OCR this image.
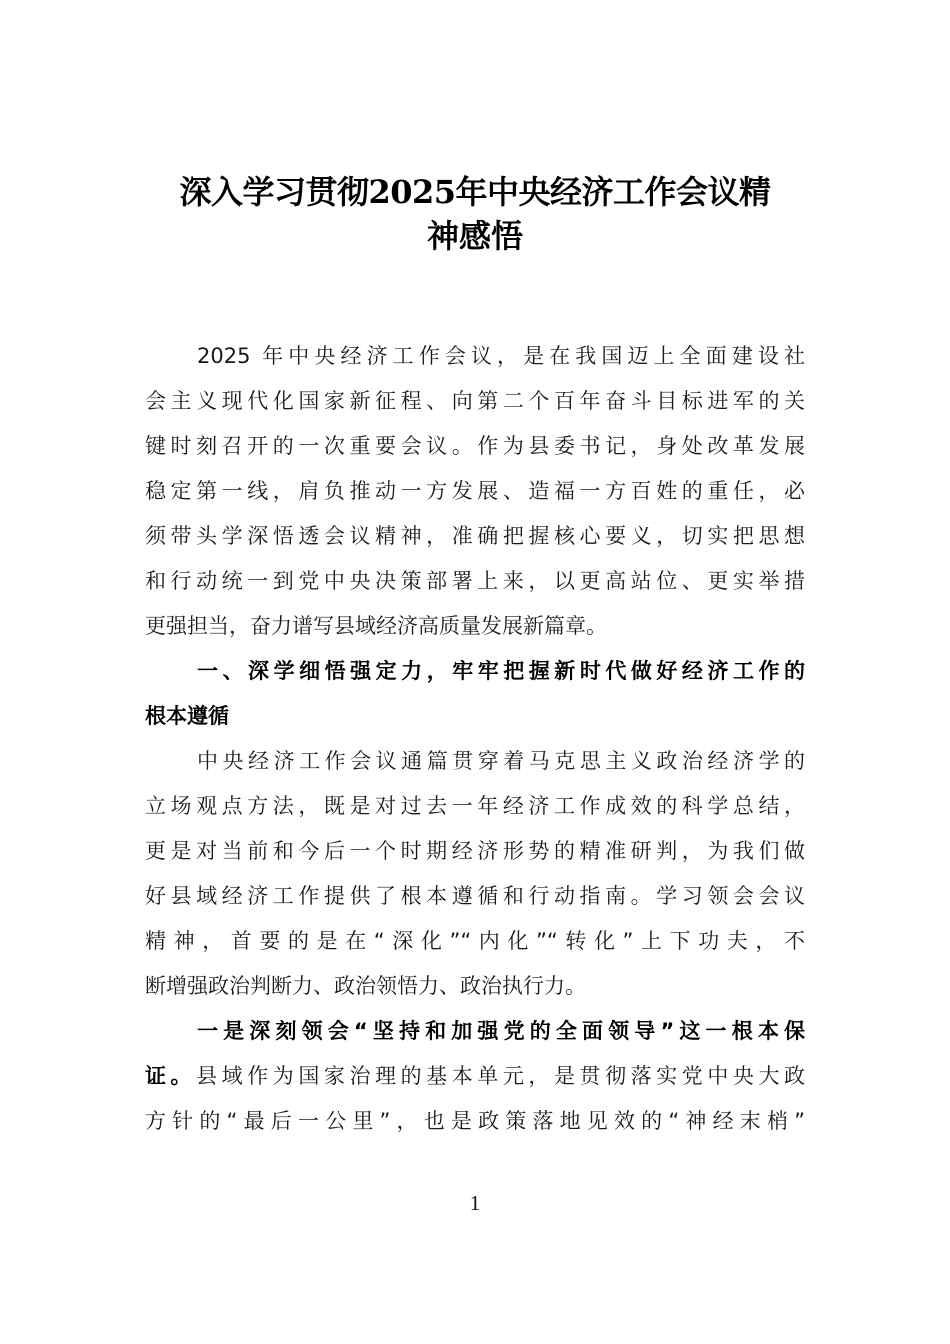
深入学习贯彻2025年中央经济工作会议精
神感悟
2025 年中央经济工作会议，是在我国迈上全面建设社
会主义现代化国家新征程、向第二个百年奋斗目标进军的关
键时刻召开的一次重要会议。作为县委书记，身处改革发展
稳定第一线，肩负推动一方发展、造福一方百姓的重任，必
须带头学深悟透会议精神，准确把握核心要义，切实把思想
和行动统一到党中央决策部署上来，以更高站位、更实举措
更强担当，奋力谱写县域经济高质量发展新篇章。
一、深学细悟强定力，牢牢把握新时代做好经济工作的
根本遵循
中央经济工作会议通篇贯穿着马克思主义政治经济学的
立场观点方法，既是对过去一年经济工作成效的科学总结，
更是对当前和今后一个时期经济形势的精准研判，为我们做
好县域经济工作提供了根本遵循和行动指南。学习领会会议
精神，首要的是在“深化”“内化”“转化”上下功夫，不
断增强政治判断力、政治领悟力、政治执行力。
一是深刻领会“坚持和加强党的全面领导”这一根本保
证。县域作为国家治理的基本单元，是贯彻落实党中央大政
方针的“最后一公里”，也是政策落地见效的“神经末梢”
1
